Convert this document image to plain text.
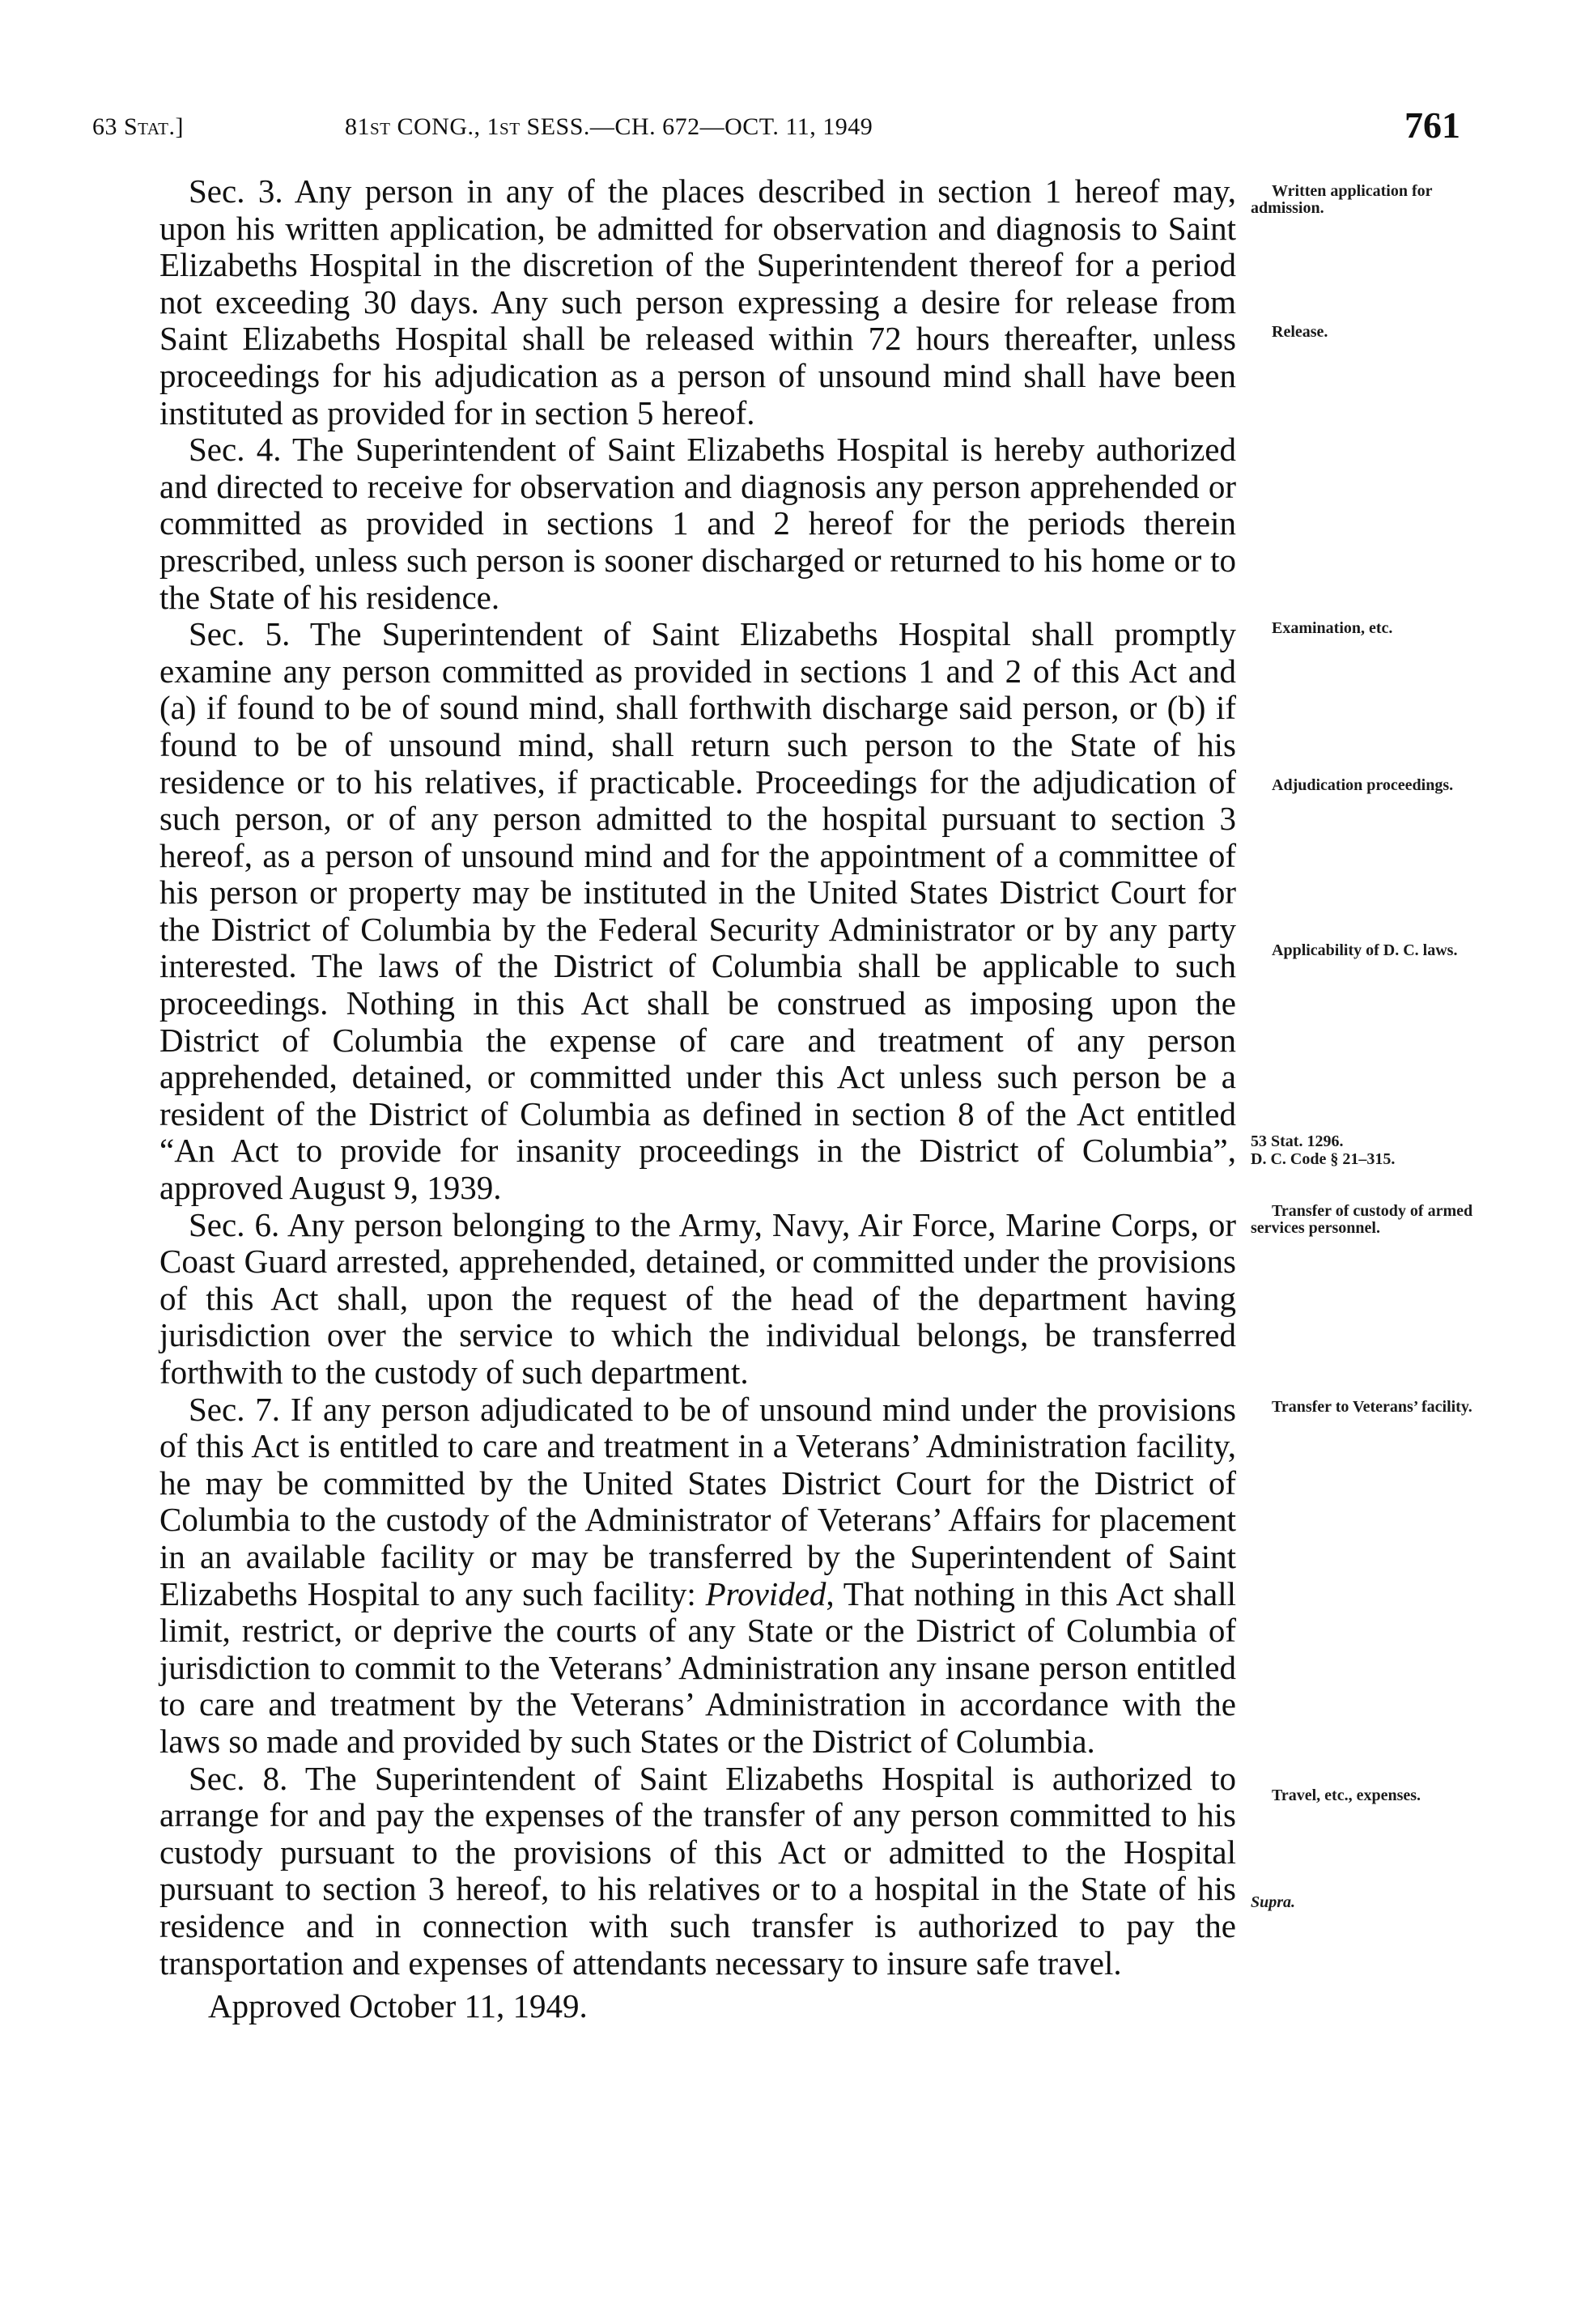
63 Stat.]	81st CONG., 1st SESS.—CH. 672—OCT. 11, 1949	761

Sec. 3. Any person in any of the places described in section 1 hereof may, upon his written application, be admitted for observation and diagnosis to Saint Elizabeths Hospital in the discretion of the Superintendent thereof for a period not exceeding 30 days. Any such person expressing a desire for release from Saint Elizabeths Hospital shall be released within 72 hours thereafter, unless proceedings for his adjudication as a person of unsound mind shall have been instituted as provided for in section 5 hereof.

Sec. 4. The Superintendent of Saint Elizabeths Hospital is hereby authorized and directed to receive for observation and diagnosis any person apprehended or committed as provided in sections 1 and 2 hereof for the periods therein prescribed, unless such person is sooner discharged or returned to his home or to the State of his residence.

Sec. 5. The Superintendent of Saint Elizabeths Hospital shall promptly examine any person committed as provided in sections 1 and 2 of this Act and (a) if found to be of sound mind, shall forthwith discharge said person, or (b) if found to be of unsound mind, shall return such person to the State of his residence or to his relatives, if practicable. Proceedings for the adjudication of such person, or of any person admitted to the hospital pursuant to section 3 hereof, as a person of unsound mind and for the appointment of a committee of his person or property may be instituted in the United States District Court for the District of Columbia by the Federal Security Administrator or by any party interested. The laws of the District of Columbia shall be applicable to such proceedings. Nothing in this Act shall be construed as imposing upon the District of Columbia the expense of care and treatment of any person apprehended, detained, or committed under this Act unless such person be a resident of the District of Columbia as defined in section 8 of the Act entitled “An Act to provide for insanity proceedings in the District of Columbia”, approved August 9, 1939.

Sec. 6. Any person belonging to the Army, Navy, Air Force, Marine Corps, or Coast Guard arrested, apprehended, detained, or committed under the provisions of this Act shall, upon the request of the head of the department having jurisdiction over the service to which the individual belongs, be transferred forthwith to the custody of such department.

Sec. 7. If any person adjudicated to be of unsound mind under the provisions of this Act is entitled to care and treatment in a Veterans’ Administration facility, he may be committed by the United States District Court for the District of Columbia to the custody of the Administrator of Veterans’ Affairs for placement in an available facility or may be transferred by the Superintendent of Saint Elizabeths Hospital to any such facility: Provided, That nothing in this Act shall limit, restrict, or deprive the courts of any State or the District of Columbia of jurisdiction to commit to the Veterans’ Administration any insane person entitled to care and treatment by the Veterans’ Administration in accordance with the laws so made and provided by such States or the District of Columbia.

Sec. 8. The Superintendent of Saint Elizabeths Hospital is authorized to arrange for and pay the expenses of the transfer of any person committed to his custody pursuant to the provisions of this Act or admitted to the Hospital pursuant to section 3 hereof, to his relatives or to a hospital in the State of his residence and in connection with such transfer is authorized to pay the transportation and expenses of attendants necessary to insure safe travel.

Approved October 11, 1949.

Written application for admission.
Release.
Examination, etc.
Adjudication proceedings.
Applicability of D. C. laws.
53 Stat. 1296.
D. C. Code § 21–315.
Transfer of custody of armed services personnel.
Transfer to Veterans’ facility.
Travel, etc., expenses.
Supra.
